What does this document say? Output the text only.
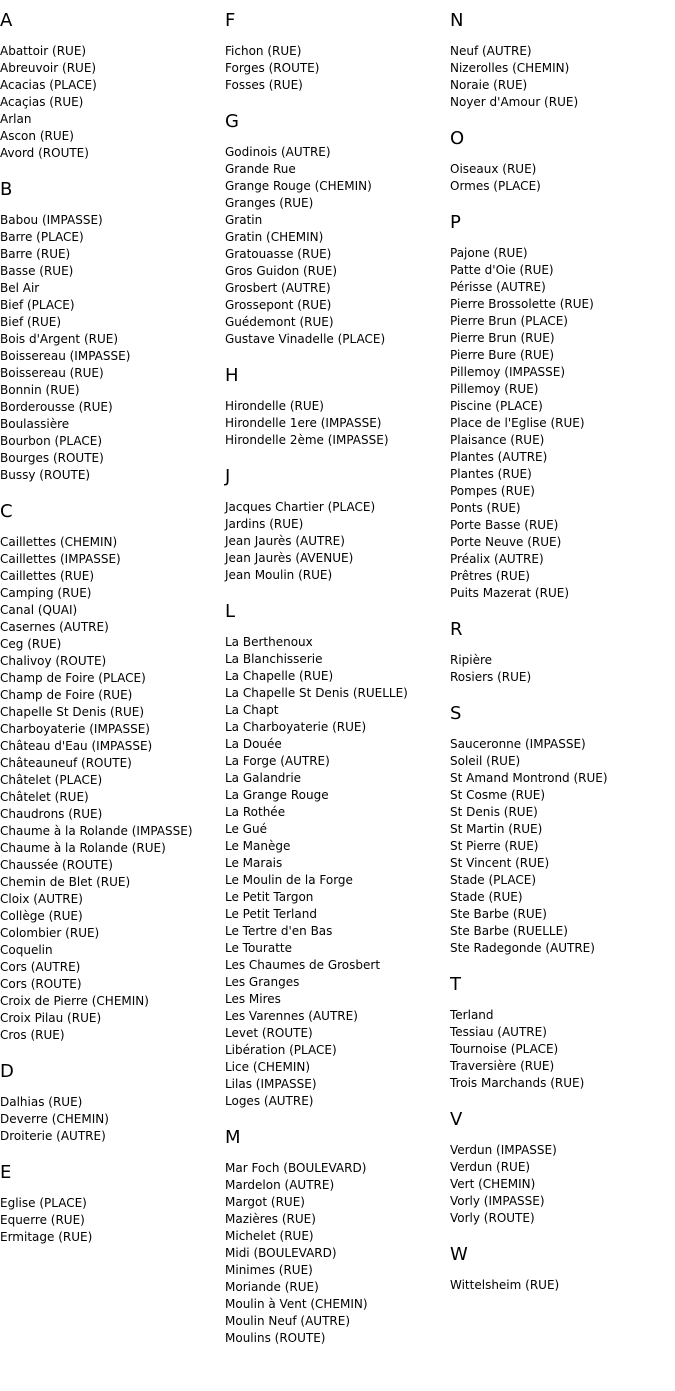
A
Abattoir (RUE)
Abreuvoir (RUE)
Acacias (PLACE)
Acaçias (RUE)
Arlan
Ascon (RUE)
Avord (ROUTE)
B
Babou (IMPASSE)
Barre (PLACE)
Barre (RUE)
Basse (RUE)
Bel Air
Bief (PLACE)
Bief (RUE)
Bois d'Argent (RUE)
Boissereau (IMPASSE)
Boissereau (RUE)
Bonnin (RUE)
Borderousse (RUE)
Boulassière
Bourbon (PLACE)
Bourges (ROUTE)
Bussy (ROUTE)
C
Caillettes (CHEMIN)
Caillettes (IMPASSE)
Caillettes (RUE)
Camping (RUE)
Canal (QUAI)
Casernes (AUTRE)
Ceg (RUE)
Chalivoy (ROUTE)
Champ de Foire (PLACE)
Champ de Foire (RUE)
Chapelle St Denis (RUE)
Charboyaterie (IMPASSE)
Château d'Eau (IMPASSE)
Châteauneuf (ROUTE)
Châtelet (PLACE)
Châtelet (RUE)
Chaudrons (RUE)
Chaume à la Rolande (IMPASSE)
Chaume à la Rolande (RUE)
Chaussée (ROUTE)
Chemin de Blet (RUE)
Cloix (AUTRE)
Collège (RUE)
Colombier (RUE)
Coquelin
Cors (AUTRE)
Cors (ROUTE)
Croix de Pierre (CHEMIN)
Croix Pilau (RUE)
Cros (RUE)
D
Dalhias (RUE)
Deverre (CHEMIN)
Droiterie (AUTRE)
E
Eglise (PLACE)
Equerre (RUE)
Ermitage (RUE)
F
Fichon (RUE)
Forges (ROUTE)
Fosses (RUE)
G
Godinois (AUTRE)
Grande Rue
Grange Rouge (CHEMIN)
Granges (RUE)
Gratin
Gratin (CHEMIN)
Gratouasse (RUE)
Gros Guidon (RUE)
Grosbert (AUTRE)
Grossepont (RUE)
Guédemont (RUE)
Gustave Vinadelle (PLACE)
H
Hirondelle (RUE)
Hirondelle 1ere (IMPASSE)
Hirondelle 2ème (IMPASSE)
J
Jacques Chartier (PLACE)
Jardins (RUE)
Jean Jaurès (AUTRE)
Jean Jaurès (AVENUE)
Jean Moulin (RUE)
L
La Berthenoux
La Blanchisserie
La Chapelle (RUE)
La Chapelle St Denis (RUELLE)
La Chapt
La Charboyaterie (RUE)
La Douée
La Forge (AUTRE)
La Galandrie
La Grange Rouge
La Rothée
Le Gué
Le Manège
Le Marais
Le Moulin de la Forge
Le Petit Targon
Le Petit Terland
Le Tertre d'en Bas
Le Touratte
Les Chaumes de Grosbert
Les Granges
Les Mires
Les Varennes (AUTRE)
Levet (ROUTE)
Libération (PLACE)
Lice (CHEMIN)
Lilas (IMPASSE)
Loges (AUTRE)
M
Mar Foch (BOULEVARD)
Mardelon (AUTRE)
Margot (RUE)
Mazières (RUE)
Michelet (RUE)
Midi (BOULEVARD)
Minimes (RUE)
Moriande (RUE)
Moulin à Vent (CHEMIN)
Moulin Neuf (AUTRE)
Moulins (ROUTE)
N
Neuf (AUTRE)
Nizerolles (CHEMIN)
Noraie (RUE)
Noyer d'Amour (RUE)
O
Oiseaux (RUE)
Ormes (PLACE)
P
Pajone (RUE)
Patte d'Oie (RUE)
Périsse (AUTRE)
Pierre Brossolette (RUE)
Pierre Brun (PLACE)
Pierre Brun (RUE)
Pierre Bure (RUE)
Pillemoy (IMPASSE)
Pillemoy (RUE)
Piscine (PLACE)
Place de l'Eglise (RUE)
Plaisance (RUE)
Plantes (AUTRE)
Plantes (RUE)
Pompes (RUE)
Ponts (RUE)
Porte Basse (RUE)
Porte Neuve (RUE)
Préalix (AUTRE)
Prêtres (RUE)
Puits Mazerat (RUE)
R
Ripière
Rosiers (RUE)
S
Sauceronne (IMPASSE)
Soleil (RUE)
St Amand Montrond (RUE)
St Cosme (RUE)
St Denis (RUE)
St Martin (RUE)
St Pierre (RUE)
St Vincent (RUE)
Stade (PLACE)
Stade (RUE)
Ste Barbe (RUE)
Ste Barbe (RUELLE)
Ste Radegonde (AUTRE)
T
Terland
Tessiau (AUTRE)
Tournoise (PLACE)
Traversière (RUE)
Trois Marchands (RUE)
V
Verdun (IMPASSE)
Verdun (RUE)
Vert (CHEMIN)
Vorly (IMPASSE)
Vorly (ROUTE)
W
Wittelsheim (RUE)
